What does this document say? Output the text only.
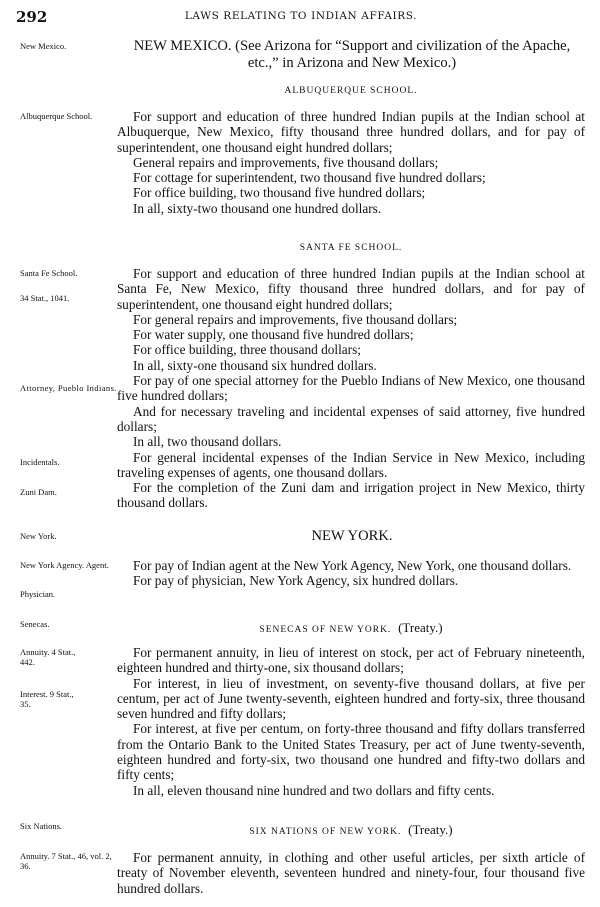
292	LAWS RELATING TO INDIAN AFFAIRS.
New Mexico.
Albuquerque School.
Santa Fe School.
34 Stat., 1041.
Attorney, Pueblo Indians.
Incidentals.
Zuni Dam.
New York.
New York Agency. Agent.
Physician.
Senecas.
Annuity. 4 Stat., 442.
Interest. 9 Stat., 35.
Six Nations.
Annuity. 7 Stat., 46, vol. 2, 36.
NEW MEXICO. (See Arizona for “Support and civilization of the Apache, etc.,” in Arizona and New Mexico.)
ALBUQUERQUE SCHOOL.
For support and education of three hundred Indian pupils at the Indian school at Albuquerque, New Mexico, fifty thousand three hundred dollars, and for pay of superintendent, one thousand eight hundred dollars;
General repairs and improvements, five thousand dollars;
For cottage for superintendent, two thousand five hundred dollars;
For office building, two thousand five hundred dollars;
In all, sixty-two thousand one hundred dollars.
SANTA FE SCHOOL.
For support and education of three hundred Indian pupils at the Indian school at Santa Fe, New Mexico, fifty thousand three hundred dollars, and for pay of superintendent, one thousand eight hundred dollars;
For general repairs and improvements, five thousand dollars;
For water supply, one thousand five hundred dollars;
For office building, three thousand dollars;
In all, sixty-one thousand six hundred dollars.
For pay of one special attorney for the Pueblo Indians of New Mexico, one thousand five hundred dollars;
And for necessary traveling and incidental expenses of said attorney, five hundred dollars;
In all, two thousand dollars.
For general incidental expenses of the Indian Service in New Mexico, including traveling expenses of agents, one thousand dollars.
For the completion of the Zuni dam and irrigation project in New Mexico, thirty thousand dollars.
NEW YORK.
For pay of Indian agent at the New York Agency, New York, one thousand dollars.
For pay of physician, New York Agency, six hundred dollars.
SENECAS OF NEW YORK. (Treaty.)
For permanent annuity, in lieu of interest on stock, per act of February nineteenth, eighteen hundred and thirty-one, six thousand dollars;
For interest, in lieu of investment, on seventy-five thousand dollars, at five per centum, per act of June twenty-seventh, eighteen hundred and forty-six, three thousand seven hundred and fifty dollars;
For interest, at five per centum, on forty-three thousand and fifty dollars transferred from the Ontario Bank to the United States Treasury, per act of June twenty-seventh, eighteen hundred and forty-six, two thousand one hundred and fifty-two dollars and fifty cents;
In all, eleven thousand nine hundred and two dollars and fifty cents.
SIX NATIONS OF NEW YORK. (Treaty.)
For permanent annuity, in clothing and other useful articles, per sixth article of treaty of November eleventh, seventeen hundred and ninety-four, four thousand five hundred dollars.
